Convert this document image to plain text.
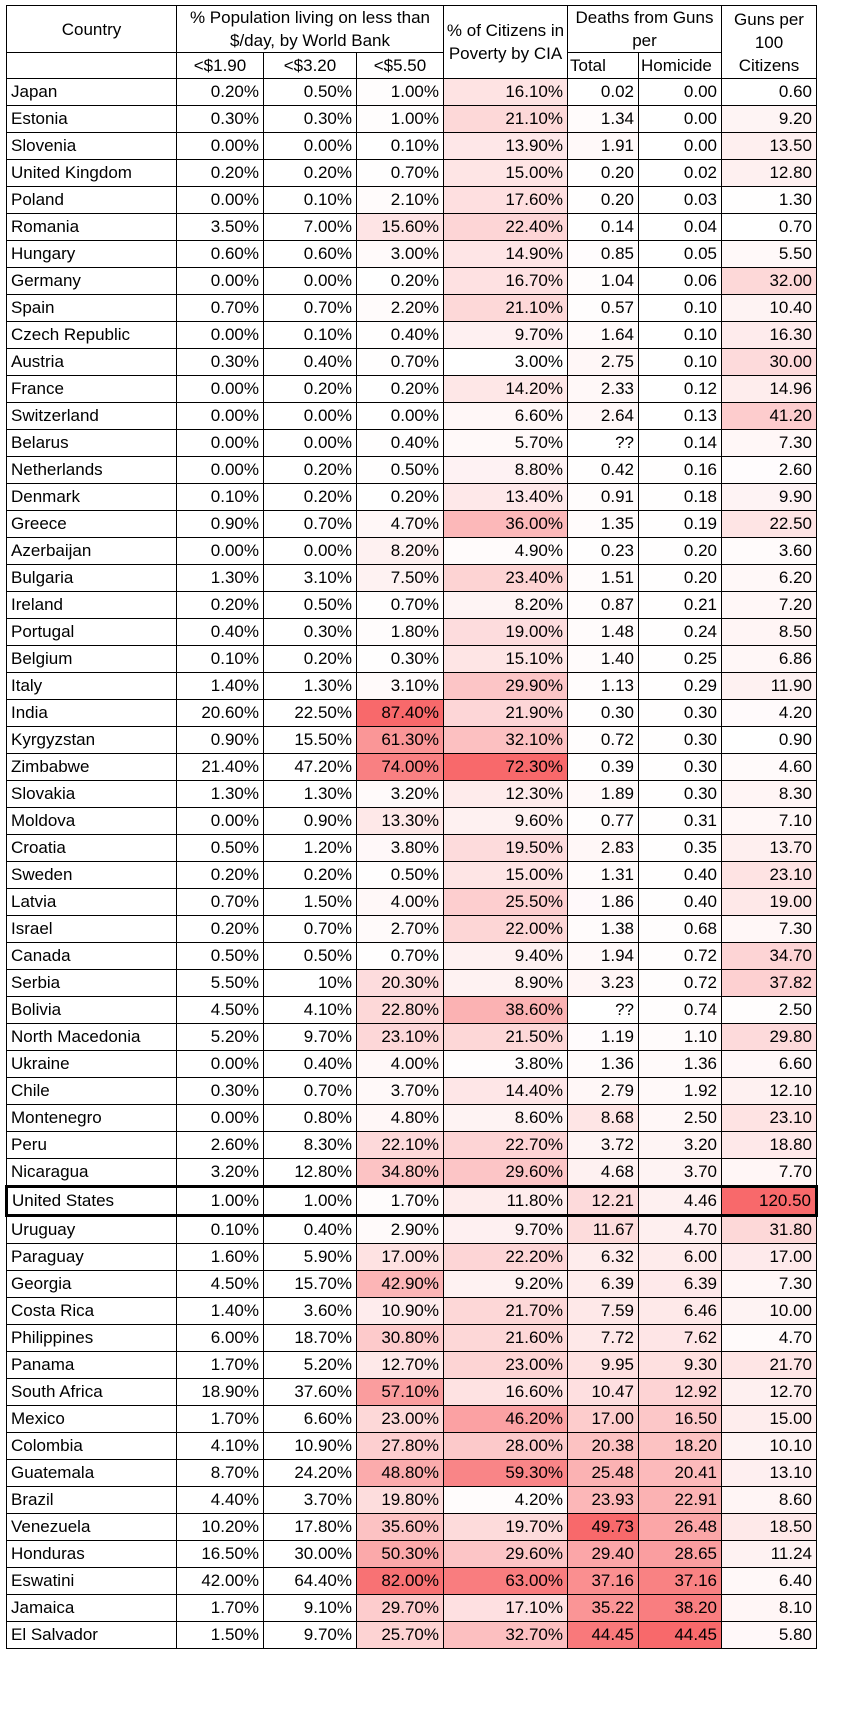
Country	% Population living on less than $/day, by World Bank			% of Citizens in Poverty by CIA	Deaths from Guns per		Guns per 100 Citizens

	<$1.90	<$3.20	<$5.50		Total	Homicide	
Japan	0.20%	0.50%	1.00%	16.10%	0.02	0.00	0.60
Estonia	0.30%	0.30%	1.00%	21.10%	1.34	0.00	9.20
Slovenia	0.00%	0.00%	0.10%	13.90%	1.91	0.00	13.50
United Kingdom	0.20%	0.20%	0.70%	15.00%	0.20	0.02	12.80
Poland	0.00%	0.10%	2.10%	17.60%	0.20	0.03	1.30
Romania	3.50%	7.00%	15.60%	22.40%	0.14	0.04	0.70
Hungary	0.60%	0.60%	3.00%	14.90%	0.85	0.05	5.50
Germany	0.00%	0.00%	0.20%	16.70%	1.04	0.06	32.00
Spain	0.70%	0.70%	2.20%	21.10%	0.57	0.10	10.40
Czech Republic	0.00%	0.10%	0.40%	9.70%	1.64	0.10	16.30
Austria	0.30%	0.40%	0.70%	3.00%	2.75	0.10	30.00
France	0.00%	0.20%	0.20%	14.20%	2.33	0.12	14.96
Switzerland	0.00%	0.00%	0.00%	6.60%	2.64	0.13	41.20
Belarus	0.00%	0.00%	0.40%	5.70%	??	0.14	7.30
Netherlands	0.00%	0.20%	0.50%	8.80%	0.42	0.16	2.60
Denmark	0.10%	0.20%	0.20%	13.40%	0.91	0.18	9.90
Greece	0.90%	0.70%	4.70%	36.00%	1.35	0.19	22.50
Azerbaijan	0.00%	0.00%	8.20%	4.90%	0.23	0.20	3.60
Bulgaria	1.30%	3.10%	7.50%	23.40%	1.51	0.20	6.20
Ireland	0.20%	0.50%	0.70%	8.20%	0.87	0.21	7.20
Portugal	0.40%	0.30%	1.80%	19.00%	1.48	0.24	8.50
Belgium	0.10%	0.20%	0.30%	15.10%	1.40	0.25	6.86
Italy	1.40%	1.30%	3.10%	29.90%	1.13	0.29	11.90
India	20.60%	22.50%	87.40%	21.90%	0.30	0.30	4.20
Kyrgyzstan	0.90%	15.50%	61.30%	32.10%	0.72	0.30	0.90
Zimbabwe	21.40%	47.20%	74.00%	72.30%	0.39	0.30	4.60
Slovakia	1.30%	1.30%	3.20%	12.30%	1.89	0.30	8.30
Moldova	0.00%	0.90%	13.30%	9.60%	0.77	0.31	7.10
Croatia	0.50%	1.20%	3.80%	19.50%	2.83	0.35	13.70
Sweden	0.20%	0.20%	0.50%	15.00%	1.31	0.40	23.10
Latvia	0.70%	1.50%	4.00%	25.50%	1.86	0.40	19.00
Israel	0.20%	0.70%	2.70%	22.00%	1.38	0.68	7.30
Canada	0.50%	0.50%	0.70%	9.40%	1.94	0.72	34.70
Serbia	5.50%	10%	20.30%	8.90%	3.23	0.72	37.82
Bolivia	4.50%	4.10%	22.80%	38.60%	??	0.74	2.50
North Macedonia	5.20%	9.70%	23.10%	21.50%	1.19	1.10	29.80
Ukraine	0.00%	0.40%	4.00%	3.80%	1.36	1.36	6.60
Chile	0.30%	0.70%	3.70%	14.40%	2.79	1.92	12.10
Montenegro	0.00%	0.80%	4.80%	8.60%	8.68	2.50	23.10
Peru	2.60%	8.30%	22.10%	22.70%	3.72	3.20	18.80
Nicaragua	3.20%	12.80%	34.80%	29.60%	4.68	3.70	7.70
United States	1.00%	1.00%	1.70%	11.80%	12.21	4.46	120.50
Uruguay	0.10%	0.40%	2.90%	9.70%	11.67	4.70	31.80
Paraguay	1.60%	5.90%	17.00%	22.20%	6.32	6.00	17.00
Georgia	4.50%	15.70%	42.90%	9.20%	6.39	6.39	7.30
Costa Rica	1.40%	3.60%	10.90%	21.70%	7.59	6.46	10.00
Philippines	6.00%	18.70%	30.80%	21.60%	7.72	7.62	4.70
Panama	1.70%	5.20%	12.70%	23.00%	9.95	9.30	21.70
South Africa	18.90%	37.60%	57.10%	16.60%	10.47	12.92	12.70
Mexico	1.70%	6.60%	23.00%	46.20%	17.00	16.50	15.00
Colombia	4.10%	10.90%	27.80%	28.00%	20.38	18.20	10.10
Guatemala	8.70%	24.20%	48.80%	59.30%	25.48	20.41	13.10
Brazil	4.40%	3.70%	19.80%	4.20%	23.93	22.91	8.60
Venezuela	10.20%	17.80%	35.60%	19.70%	49.73	26.48	18.50
Honduras	16.50%	30.00%	50.30%	29.60%	29.40	28.65	11.24
Eswatini	42.00%	64.40%	82.00%	63.00%	37.16	37.16	6.40
Jamaica	1.70%	9.10%	29.70%	17.10%	35.22	38.20	8.10
El Salvador	1.50%	9.70%	25.70%	32.70%	44.45	44.45	5.80
